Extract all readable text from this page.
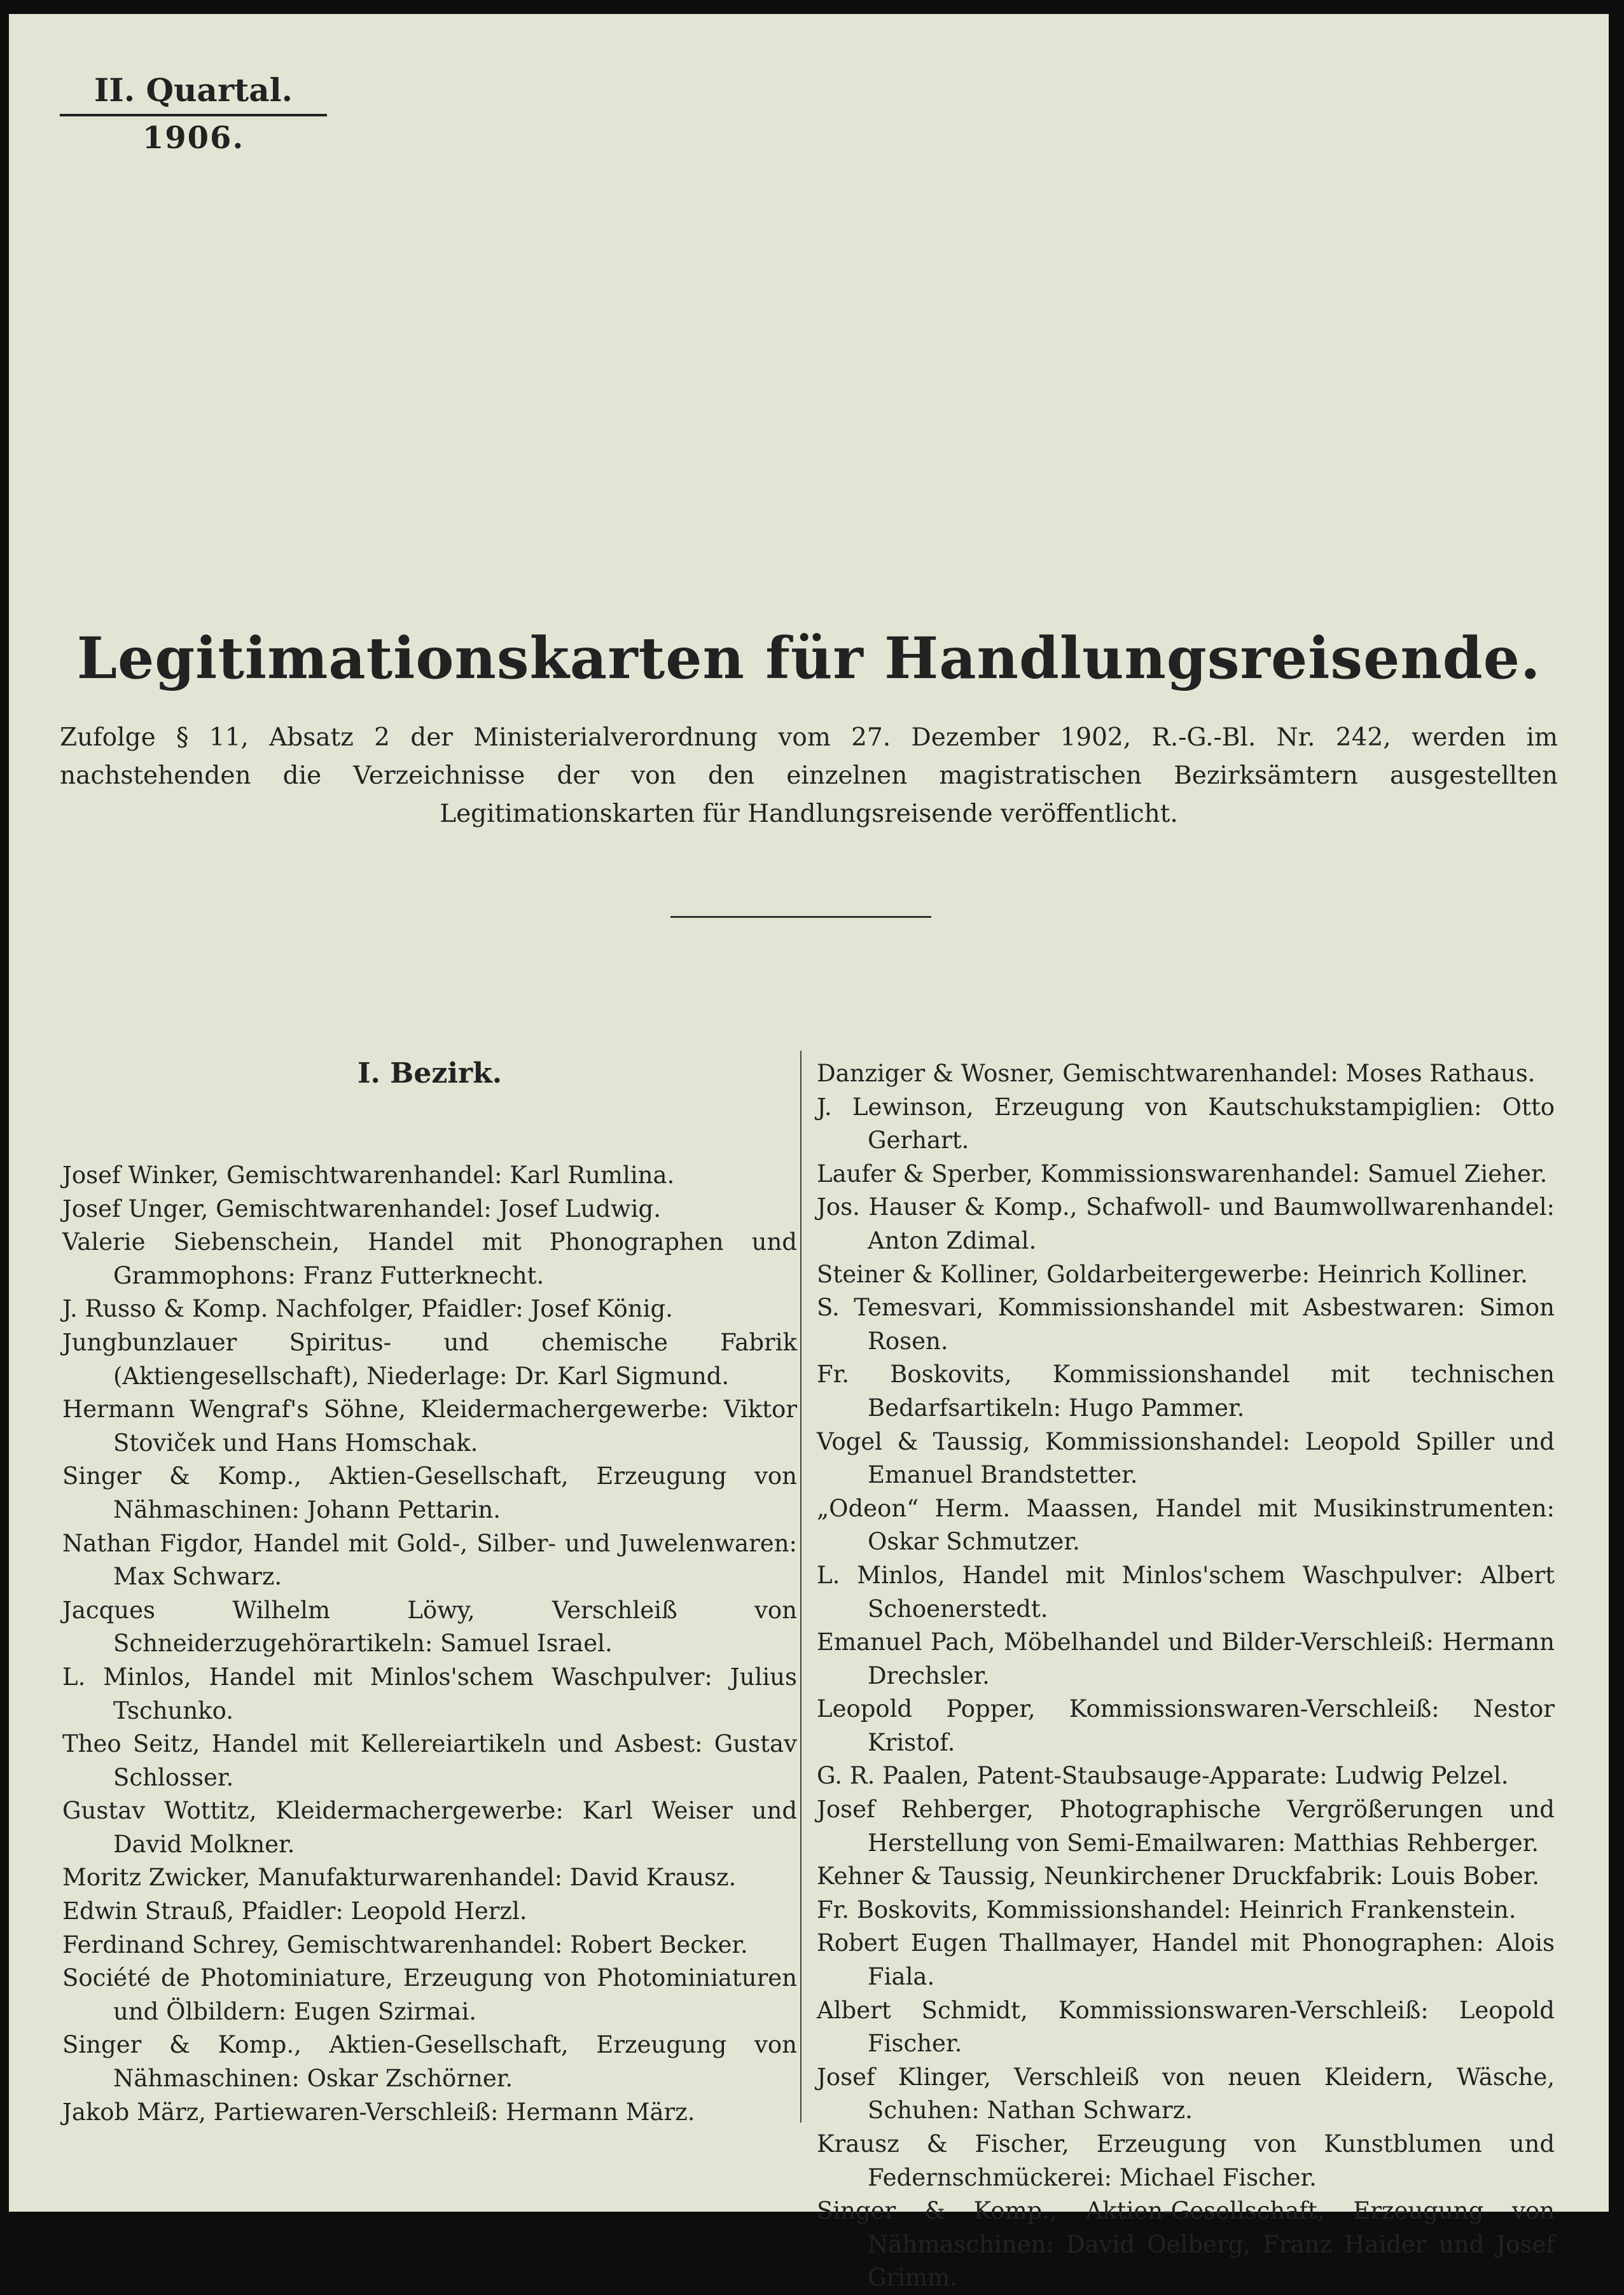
II. Quartal.
1906.
Legitimationskarten für Handlungsreisende.
Zufolge § 11, Absatz 2 der Ministerialverordnung vom 27. Dezember 1902, R.-G.-Bl. Nr. 242, werden im nachstehenden die Verzeichnisse der von den einzelnen magistratischen Bezirksämtern ausgestellten Legitimationskarten für Handlungsreisende veröffentlicht.
I. Bezirk.
Josef Winker, Gemischtwarenhandel: Karl Rumlina.
Josef Unger, Gemischtwarenhandel: Josef Ludwig.
Valerie Siebenschein, Handel mit Phonographen und Grammophons: Franz Futterknecht.
J. Russo & Komp. Nachfolger, Pfaidler: Josef König.
Jungbunzlauer Spiritus- und chemische Fabrik (Aktiengesellschaft), Niederlage: Dr. Karl Sigmund.
Hermann Wengraf's Söhne, Kleidermachergewerbe: Viktor Stoviček und Hans Homschak.
Singer & Komp., Aktien-Gesellschaft, Erzeugung von Nähmaschinen: Johann Pettarin.
Nathan Figdor, Handel mit Gold-, Silber- und Juwelenwaren: Max Schwarz.
Jacques Wilhelm Löwy, Verschleiß von Schneiderzugehörartikeln: Samuel Israel.
L. Minlos, Handel mit Minlos'schem Waschpulver: Julius Tschunko.
Theo Seitz, Handel mit Kellereiartikeln und Asbest: Gustav Schlosser.
Gustav Wottitz, Kleidermachergewerbe: Karl Weiser und David Molkner.
Moritz Zwicker, Manufakturwarenhandel: David Krausz.
Edwin Strauß, Pfaidler: Leopold Herzl.
Ferdinand Schrey, Gemischtwarenhandel: Robert Becker.
Société de Photominiature, Erzeugung von Photominiaturen und Ölbildern: Eugen Szirmai.
Singer & Komp., Aktien-Gesellschaft, Erzeugung von Nähmaschinen: Oskar Zschörner.
Jakob März, Partiewaren-Verschleiß: Hermann März.
Danziger & Wosner, Gemischtwarenhandel: Moses Rathaus.
J. Lewinson, Erzeugung von Kautschukstampiglien: Otto Gerhart.
Laufer & Sperber, Kommissionswarenhandel: Samuel Zieher.
Jos. Hauser & Komp., Schafwoll- und Baumwollwarenhandel: Anton Zdimal.
Steiner & Kolliner, Goldarbeitergewerbe: Heinrich Kolliner.
S. Temesvari, Kommissionshandel mit Asbestwaren: Simon Rosen.
Fr. Boskovits, Kommissionshandel mit technischen Bedarfsartikeln: Hugo Pammer.
Vogel & Taussig, Kommissionshandel: Leopold Spiller und Emanuel Brandstetter.
„Odeon“ Herm. Maassen, Handel mit Musikinstrumenten: Oskar Schmutzer.
L. Minlos, Handel mit Minlos'schem Waschpulver: Albert Schoenerstedt.
Emanuel Pach, Möbelhandel und Bilder-Verschleiß: Hermann Drechsler.
Leopold Popper, Kommissionswaren-Verschleiß: Nestor Kristof.
G. R. Paalen, Patent-Staubsauge-Apparate: Ludwig Pelzel.
Josef Rehberger, Photographische Vergrößerungen und Herstellung von Semi-Emailwaren: Matthias Rehberger.
Kehner & Taussig, Neunkirchener Druckfabrik: Louis Bober.
Fr. Boskovits, Kommissionshandel: Heinrich Frankenstein.
Robert Eugen Thallmayer, Handel mit Phonographen: Alois Fiala.
Albert Schmidt, Kommissionswaren-Verschleiß: Leopold Fischer.
Josef Klinger, Verschleiß von neuen Kleidern, Wäsche, Schuhen: Nathan Schwarz.
Krausz & Fischer, Erzeugung von Kunstblumen und Federnschmückerei: Michael Fischer.
Singer & Komp., Aktien-Gesellschaft, Erzeugung von Nähmaschinen: David Oelberg, Franz Haider und Josef Grimm.
